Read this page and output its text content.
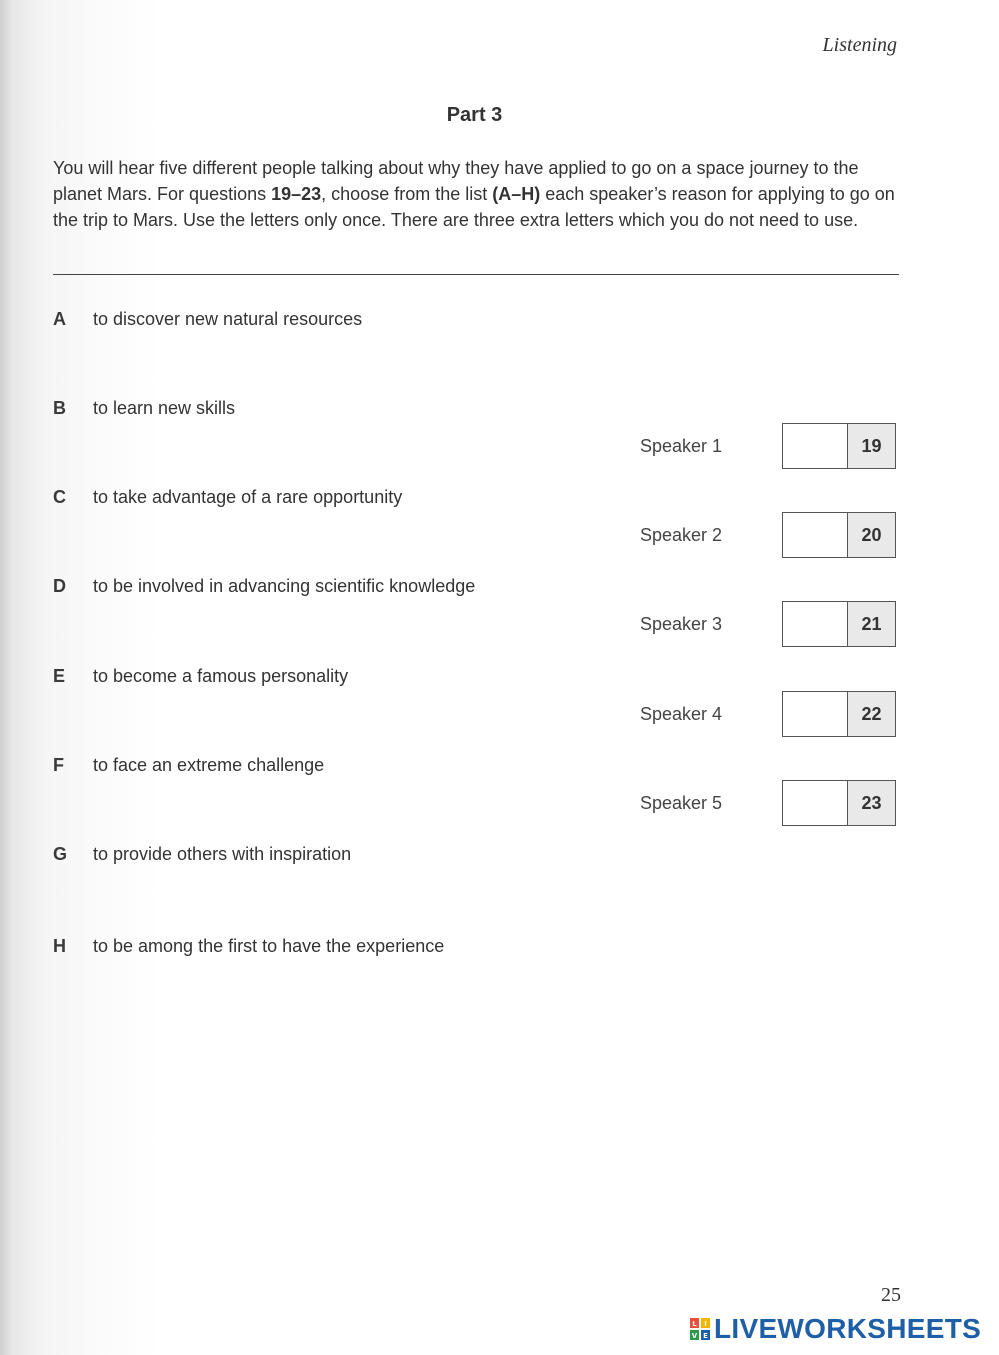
Listening
Part 3

You will hear five different people talking about why they have applied to go on a space journey to the planet Mars. For questions 19–23, choose from the list (A–H) each speaker’s reason for applying to go on the trip to Mars. Use the letters only once. There are three extra letters which you do not need to use.

A	to discover new natural resources
B	to learn new skills
C	to take advantage of a rare opportunity
D	to be involved in advancing scientific knowledge
E	to become a famous personality
F	to face an extreme challenge
G	to provide others with inspiration
H	to be among the first to have the experience
Speaker 1	19
Speaker 2	20
Speaker 3	21
Speaker 4	22
Speaker 5	23
25
L I
V E LIVEWORKSHEETS
